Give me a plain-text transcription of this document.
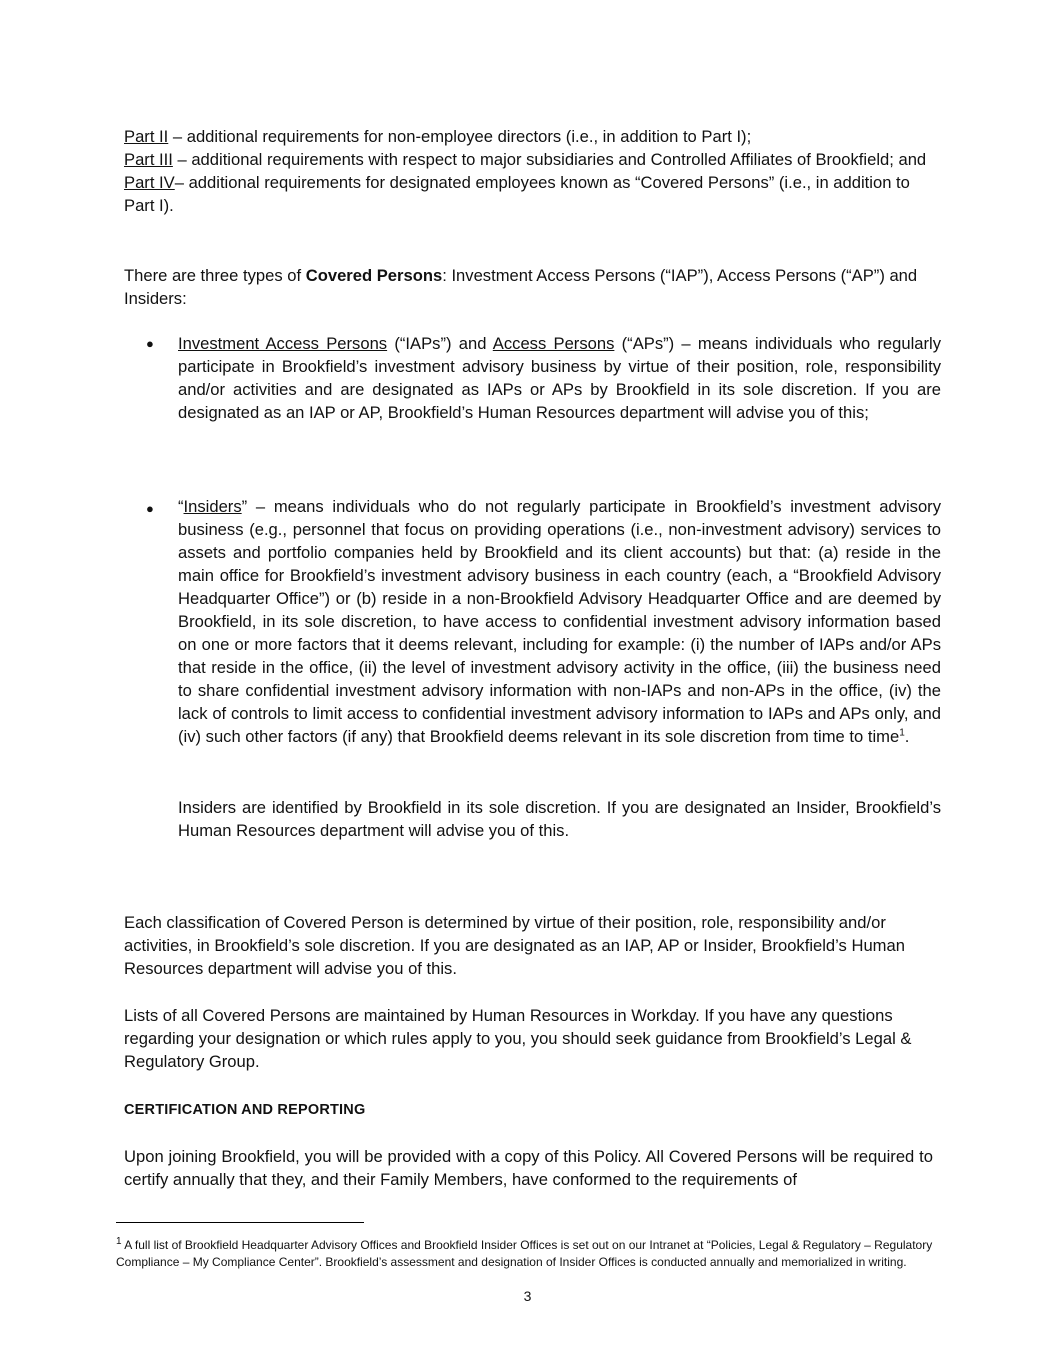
Part II – additional requirements for non-employee directors (i.e., in addition to Part I);
Part III – additional requirements with respect to major subsidiaries and Controlled Affiliates of Brookfield; and
Part IV– additional requirements for designated employees known as “Covered Persons” (i.e., in addition to Part I).

There are three types of Covered Persons: Investment Access Persons (“IAP”), Access Persons (“AP”) and Insiders:

● Investment Access Persons (“IAPs”) and Access Persons (“APs”) – means individuals who regularly participate in Brookfield’s investment advisory business by virtue of their position, role, responsibility and/or activities and are designated as IAPs or APs by Brookfield in its sole discretion. If you are designated as an IAP or AP, Brookfield’s Human Resources department will advise you of this;

● “Insiders” – means individuals who do not regularly participate in Brookfield’s investment advisory business (e.g., personnel that focus on providing operations (i.e., non-investment advisory) services to assets and portfolio companies held by Brookfield and its client accounts) but that: (a) reside in the main office for Brookfield’s investment advisory business in each country (each, a “Brookfield Advisory Headquarter Office”) or (b) reside in a non-Brookfield Advisory Headquarter Office and are deemed by Brookfield, in its sole discretion, to have access to confidential investment advisory information based on one or more factors that it deems relevant, including for example: (i) the number of IAPs and/or APs that reside in the office, (ii) the level of investment advisory activity in the office, (iii) the business need to share confidential investment advisory information with non-IAPs and non-APs in the office, (iv) the lack of controls to limit access to confidential investment advisory information to IAPs and APs only, and (iv) such other factors (if any) that Brookfield deems relevant in its sole discretion from time to time$^1$.

Insiders are identified by Brookfield in its sole discretion. If you are designated an Insider, Brookfield’s Human Resources department will advise you of this.

Each classification of Covered Person is determined by virtue of their position, role, responsibility and/or activities, in Brookfield’s sole discretion. If you are designated as an IAP, AP or Insider, Brookfield’s Human Resources department will advise you of this.

Lists of all Covered Persons are maintained by Human Resources in Workday. If you have any questions regarding your designation or which rules apply to you, you should seek guidance from Brookfield’s Legal & Regulatory Group.

CERTIFICATION AND REPORTING

Upon joining Brookfield, you will be provided with a copy of this Policy. All Covered Persons will be required to certify annually that they, and their Family Members, have conformed to the requirements of

$^1$ A full list of Brookfield Headquarter Advisory Offices and Brookfield Insider Offices is set out on our Intranet at “Policies, Legal & Regulatory – Regulatory Compliance – My Compliance Center”. Brookfield’s assessment and designation of Insider Offices is conducted annually and memorialized in writing.
3
